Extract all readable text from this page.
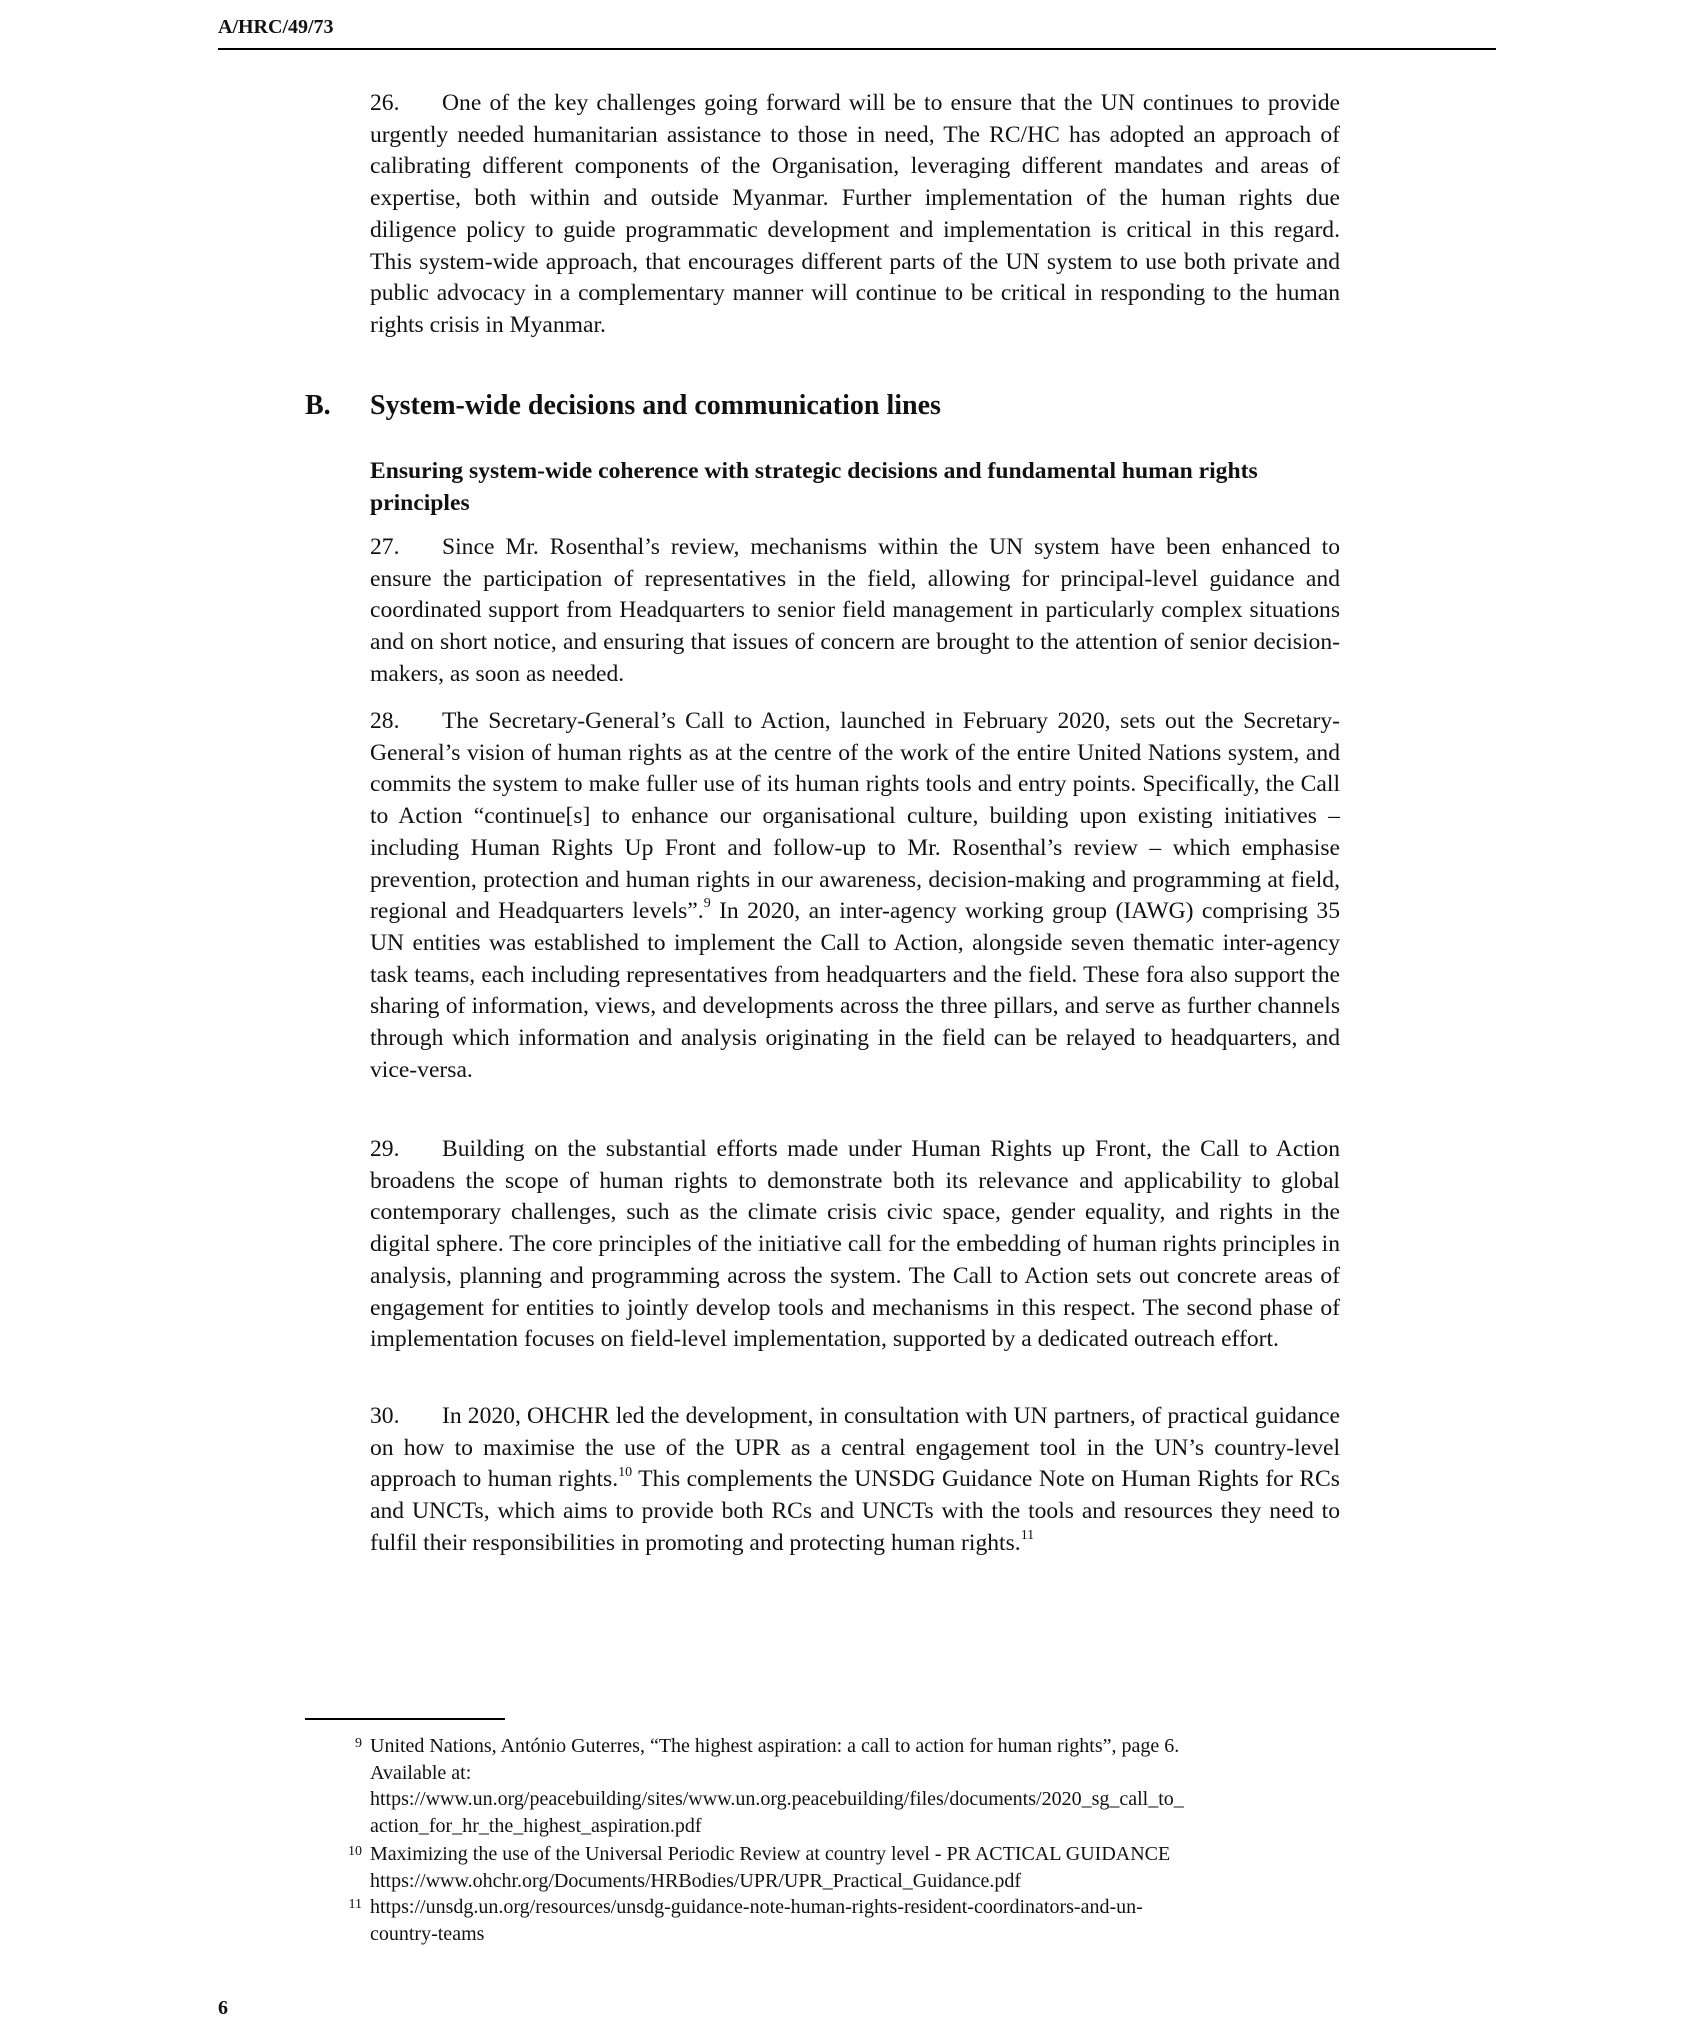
A/HRC/49/73

26. One of the key challenges going forward will be to ensure that the UN continues to provide urgently needed humanitarian assistance to those in need, The RC/HC has adopted an approach of calibrating different components of the Organisation, leveraging different mandates and areas of expertise, both within and outside Myanmar. Further implementation of the human rights due diligence policy to guide programmatic development and implementation is critical in this regard. This system-wide approach, that encourages different parts of the UN system to use both private and public advocacy in a complementary manner will continue to be critical in responding to the human rights crisis in Myanmar.

B. System-wide decisions and communication lines

Ensuring system-wide coherence with strategic decisions and fundamental human rights principles

27. Since Mr. Rosenthal’s review, mechanisms within the UN system have been enhanced to ensure the participation of representatives in the field, allowing for principal-level guidance and coordinated support from Headquarters to senior field management in particularly complex situations and on short notice, and ensuring that issues of concern are brought to the attention of senior decision-makers, as soon as needed.

28. The Secretary-General’s Call to Action, launched in February 2020, sets out the Secretary-General’s vision of human rights as at the centre of the work of the entire United Nations system, and commits the system to make fuller use of its human rights tools and entry points. Specifically, the Call to Action “continue[s] to enhance our organisational culture, building upon existing initiatives – including Human Rights Up Front and follow-up to Mr. Rosenthal’s review – which emphasise prevention, protection and human rights in our awareness, decision-making and programming at field, regional and Headquarters levels”.$^9$ In 2020, an inter-agency working group (IAWG) comprising 35 UN entities was established to implement the Call to Action, alongside seven thematic inter-agency task teams, each including representatives from headquarters and the field. These fora also support the sharing of information, views, and developments across the three pillars, and serve as further channels through which information and analysis originating in the field can be relayed to headquarters, and vice-versa.

29. Building on the substantial efforts made under Human Rights up Front, the Call to Action broadens the scope of human rights to demonstrate both its relevance and applicability to global contemporary challenges, such as the climate crisis civic space, gender equality, and rights in the digital sphere. The core principles of the initiative call for the embedding of human rights principles in analysis, planning and programming across the system. The Call to Action sets out concrete areas of engagement for entities to jointly develop tools and mechanisms in this respect. The second phase of implementation focuses on field-level implementation, supported by a dedicated outreach effort.

30. In 2020, OHCHR led the development, in consultation with UN partners, of practical guidance on how to maximise the use of the UPR as a central engagement tool in the UN’s country-level approach to human rights.$^{10}$ This complements the UNSDG Guidance Note on Human Rights for RCs and UNCTs, which aims to provide both RCs and UNCTs with the tools and resources they need to fulfil their responsibilities in promoting and protecting human rights.$^{11}$

9 United Nations, António Guterres, “The highest aspiration: a call to action for human rights”, page 6.
Available at:
https://www.un.org/peacebuilding/sites/www.un.org.peacebuilding/files/documents/2020_sg_call_to_
action_for_hr_the_highest_aspiration.pdf
10 Maximizing the use of the Universal Periodic Review at country level - PR ACTICAL GUIDANCE
https://www.ohchr.org/Documents/HRBodies/UPR/UPR_Practical_Guidance.pdf
11 https://unsdg.un.org/resources/unsdg-guidance-note-human-rights-resident-coordinators-and-un-
country-teams
6
